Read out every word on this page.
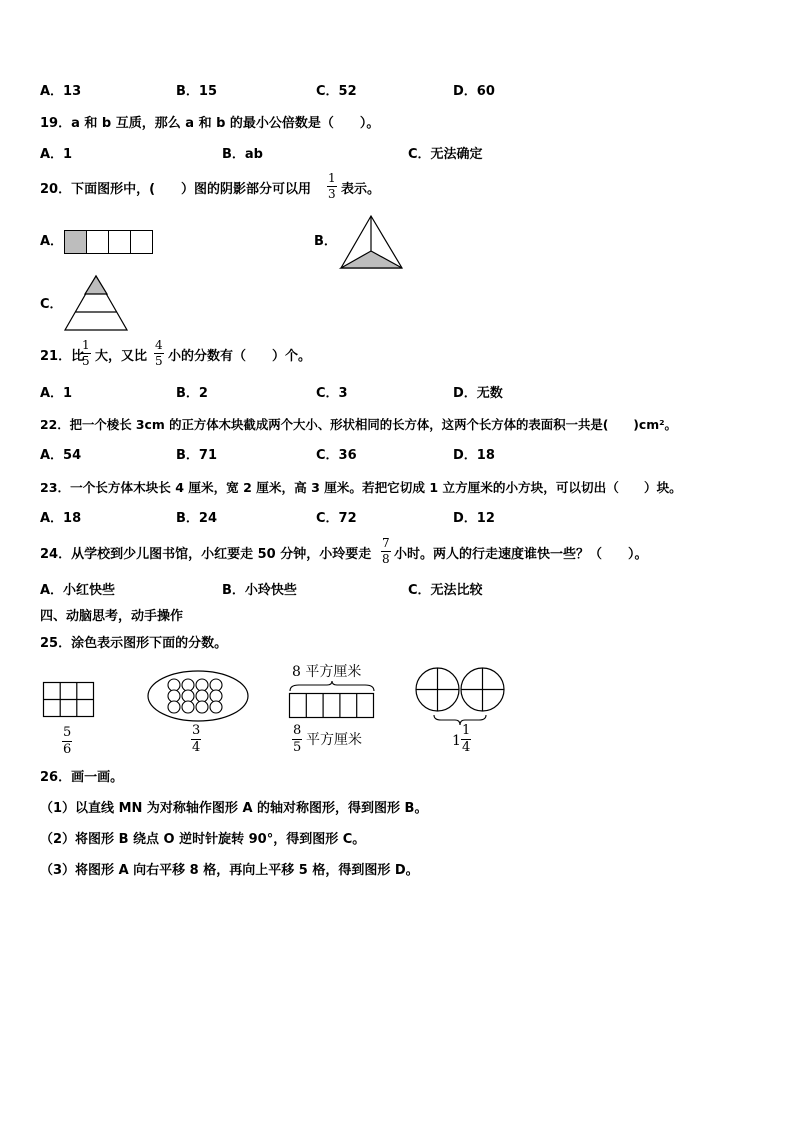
A．13	B．15	C．52	D．60
19．a 和 b 互质，那么 a 和 b 的最小公倍数是（　　）。
A．1	B．ab	C．无法确定
20．下面图形中，(　　）图的阴影部分可以用
1
3 表示。
A．	B．
C．
21．比
1
5 大，又比
4
5 小的分数有（　　）个。
A．1	B．2	C．3	D．无数
22．把一个棱长 3cm 的正方体木块截成两个大小、形状相同的长方体，这两个长方体的表面积一共是(　　)cm²。
A．54	B．71	C．36	D．18
23．一个长方体木块长 4 厘米，宽 2 厘米，高 3 厘米。若把它切成 1 立方厘米的小方块，可以切出（　　）块。
A．18	B．24	C．72	D．12
24．从学校到少儿图书馆，小红要走 50 分钟，小玲要走
7
8 小时。两人的行走速度谁快一些？（　　）。
A．小红快些	B．小玲快些	C．无法比较
四、动脑思考，动手操作
25．涂色表示图形下面的分数。
5
6
3
4
8 平方厘米
8
5 平方厘米	1
1
4
26．画一画。
（1）以直线 MN 为对称轴作图形 A 的轴对称图形，得到图形 B。
（2）将图形 B 绕点 O 逆时针旋转 90°，得到图形 C。
（3）将图形 A 向右平移 8 格，再向上平移 5 格，得到图形 D。
